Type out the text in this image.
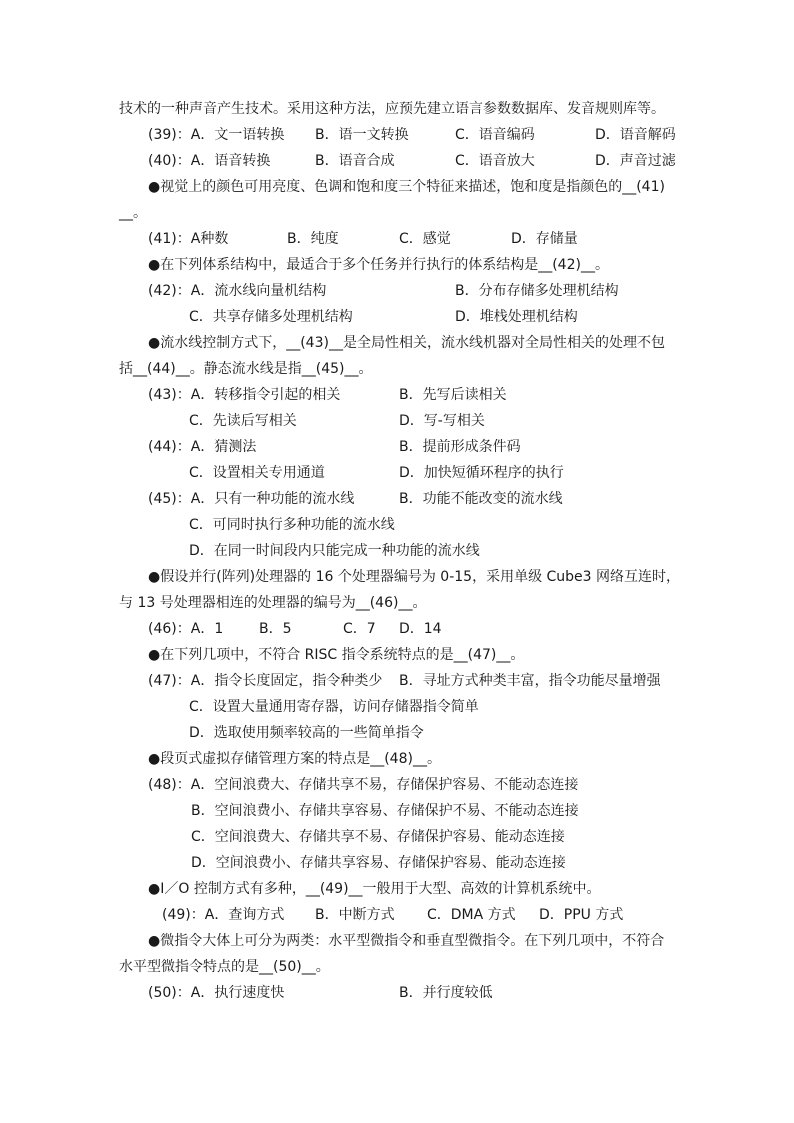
技术的一种声音产生技术。采用这种方法，应预先建立语言参数数据库、发音规则库等。
(39)：A．文一语转换 B．语一文转换	C．语音编码	D．语音解码
(40)：A．语音转换	B．语音合成	C．语音放大	D．声音过滤
●视觉上的颜色可用亮度、色调和饱和度三个特征来描述，饱和度是指颜色的__(41)
__。
(41)：A种数	B．纯度	C．感觉	D．存储量
●在下列体系结构中，最适合于多个任务并行执行的体系结构是__(42)__。
(42)：A．流水线向量机结构	B．分布存储多处理机结构
C．共享存储多处理机结构	D．堆栈处理机结构
●流水线控制方式下，__(43)__是全局性相关，流水线机器对全局性相关的处理不包
括__(44)__。静态流水线是指__(45)__。
(43)：A．转移指令引起的相关	B．先写后读相关
C．先读后写相关	D．写-写相关
(44)：A．猜测法	B．提前形成条件码
C．设置相关专用通道	D．加快短循环程序的执行
(45)：A．只有一种功能的流水线	B．功能不能改变的流水线
C．可同时执行多种功能的流水线
D．在同一时间段内只能完成一种功能的流水线
●假设并行(阵列)处理器的 16 个处理器编号为 0-15，采用单级 Cube3 网络互连时，
与 13 号处理器相连的处理器的编号为__(46)__。
(46)：A．1	B．5	C．7 D．14
●在下列几项中，不符合 RISC 指令系统特点的是__(47)__。
(47)：A．指令长度固定，指令种类少 B．寻址方式种类丰富，指令功能尽量增强
C．设置大量通用寄存器，访问存储器指令简单
D．选取使用频率较高的一些简单指令
●段页式虚拟存储管理方案的特点是__(48)__。
(48)：A．空间浪费大、存储共享不易，存储保护容易、不能动态连接
B．空间浪费小、存储共享容易、存储保护不易、不能动态连接
C．空间浪费大、存储共享不易、存储保护容易、能动态连接
D．空间浪费小、存储共享容易、存储保护容易、能动态连接
●I／O 控制方式有多种，__(49)__一般用于大型、高效的计算机系统中。
(49)：A．查询方式 B．中断方式 C．DMA 方式 D．PPU 方式
●微指令大体上可分为两类：水平型微指令和垂直型微指令。在下列几项中，不符合
水平型微指令特点的是__(50)__。
(50)：A．执行速度快	B．并行度较低
